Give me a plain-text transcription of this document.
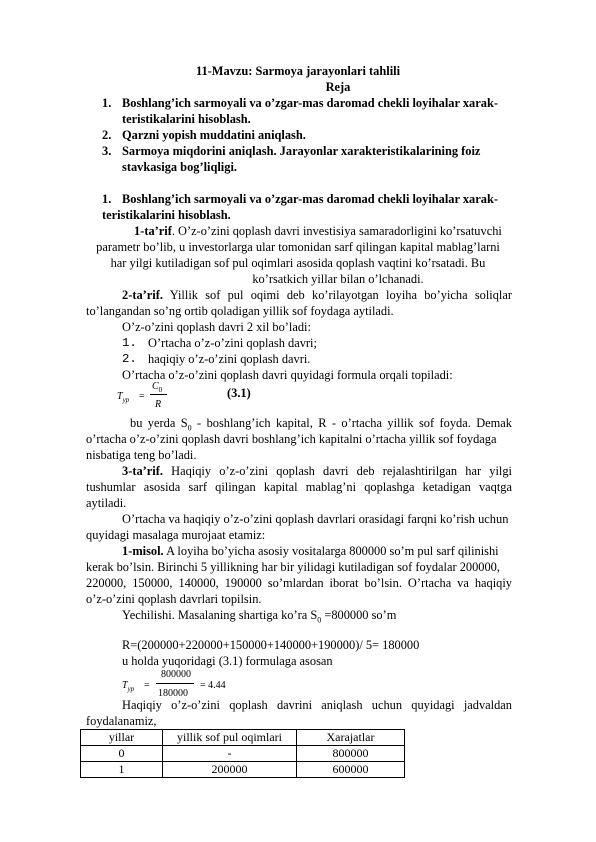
11-Mavzu: Sarmoya jarayonlari tahlili
Reja
1. Boshlang’ich sarmoyali va o’zgar-mas daromad chekli loyihalar xarak-
teristikalarini hisoblash.
2. Qarzni yopish muddatini aniqlash.
3. Sarmoya miqdorini aniqlash. Jarayonlar xarakteristikalarining foiz
stavkasiga bog’liqligi.
1. Boshlang’ich sarmoyali va o’zgar-mas daromad chekli loyihalar xarak-
teristikalarini hisoblash.
1-ta’rif. O’z-o’zini qoplash davri investisiya samaradorligini ko’rsatuvchi
parametr bo’lib, u investorlarga ular tomonidan sarf qilingan kapital mablag’larni
har yilgi kutiladigan sof pul oqimlari asosida qoplash vaqtini ko’rsatadi. Bu
ko’rsatkich yillar bilan o’lchanadi.
2-ta’rif. Yillik sof pul oqimi deb ko’rilayotgan loyiha bo’yicha soliqlar
to’langandan so’ng ortib qoladigan yillik sof foydaga aytiladi.
O’z-o’zini qoplash davri 2 xil bo’ladi:
1. O’rtacha o’z-o’zini qoplash davri;
2. haqiqiy o’z-o’zini qoplash davri.
O’rtacha o’z-o’zini qoplash davri quyidagi formula orqali topiladi:
$T_{yp}$ =
$C_0$
R
(3.1)
bu yerda $S_0$ - boshlang’ich kapital, R - o’rtacha yillik sof foyda. Demak
o’rtacha o’z-o’zini qoplash davri boshlang’ich kapitalni o’rtacha yillik sof foydaga
nisbatiga teng bo’ladi.
3-ta’rif. Haqiqiy o’z-o’zini qoplash davri deb rejalashtirilgan har yilgi
tushumlar asosida sarf qilingan kapital mablag’ni qoplashga ketadigan vaqtga
aytiladi.
O’rtacha va haqiqiy o’z-o’zini qoplash davrlari orasidagi farqni ko’rish uchun
quyidagi masalaga murojaat etamiz:
1-misol. A loyiha bo’yicha asosiy vositalarga 800000 so’m pul sarf qilinishi
kerak bo’lsin. Birinchi 5 yillikning har bir yilidagi kutiladigan sof foydalar 200000,
220000, 150000, 140000, 190000 so’mlardan iborat bo’lsin. O’rtacha va haqiqiy
o’z-o’zini qoplash davrlari topilsin.
Yechilishi. Masalaning shartiga ko’ra $S_0 =800000$ so’m
R=(200000+220000+150000+140000+190000)/ 5= 180000
u holda yuqoridagi (3.1) formulaga asosan
$T_{yp}$ =
800000
180000
= 4.44
Haqiqiy o’z-o’zini qoplash davrini aniqlash uchun quyidagi jadvaldan
foydalanamiz,
yillar	yillik sof pul oqimlari	Xarajatlar
0	-	800000
1	200000	600000
